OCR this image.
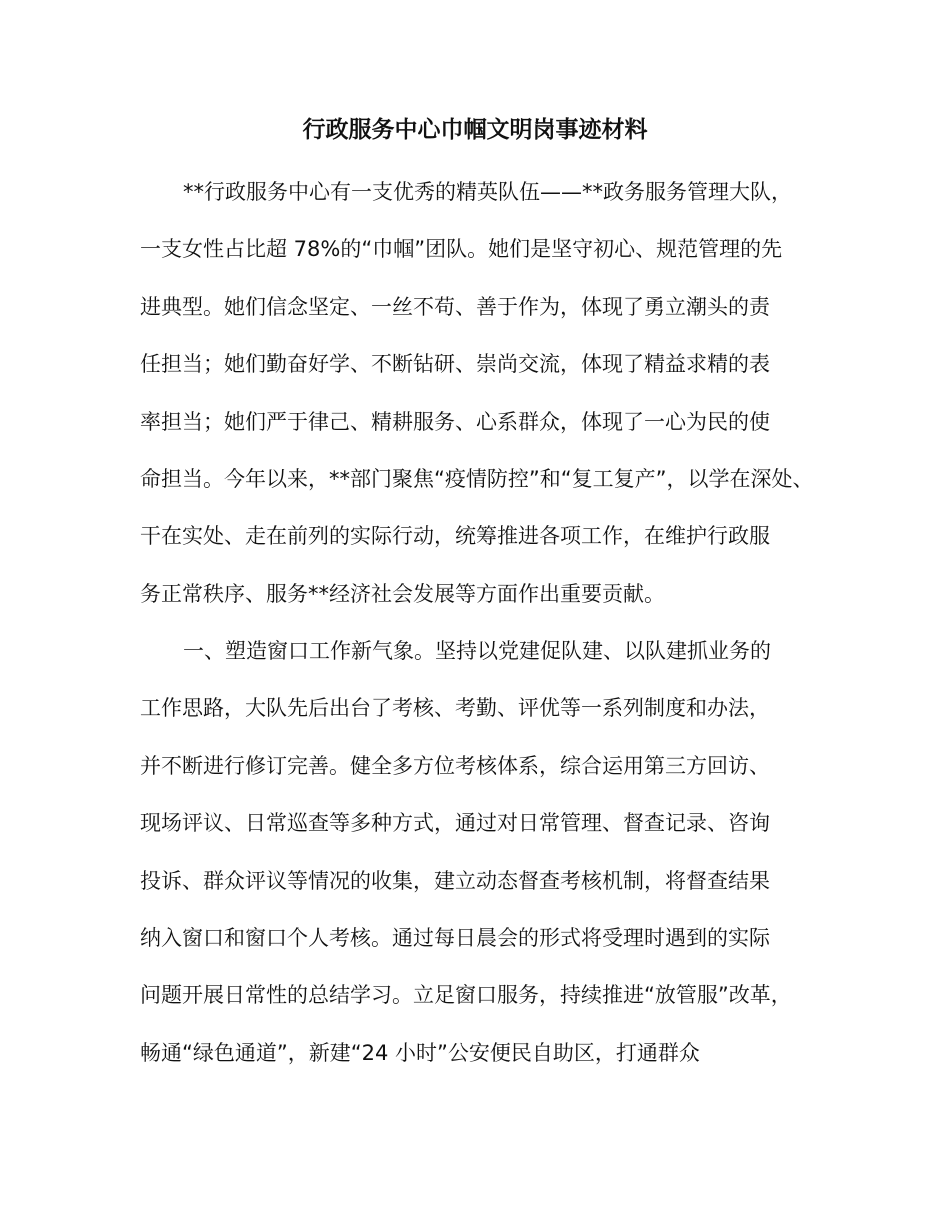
行政服务中心巾帼文明岗事迹材料
**行政服务中心有一支优秀的精英队伍——**政务服务管理大队，
一支女性占比超 78%的“巾帼”团队。她们是坚守初心、规范管理的先
进典型。她们信念坚定、一丝不苟、善于作为，体现了勇立潮头的责
任担当；她们勤奋好学、不断钻研、崇尚交流，体现了精益求精的表
率担当；她们严于律己、精耕服务、心系群众，体现了一心为民的使
命担当。今年以来，**部门聚焦“疫情防控”和“复工复产”，以学在深处、
干在实处、走在前列的实际行动，统筹推进各项工作，在维护行政服
务正常秩序、服务**经济社会发展等方面作出重要贡献。
一、塑造窗口工作新气象。坚持以党建促队建、以队建抓业务的
工作思路，大队先后出台了考核、考勤、评优等一系列制度和办法，
并不断进行修订完善。健全多方位考核体系，综合运用第三方回访、
现场评议、日常巡查等多种方式，通过对日常管理、督查记录、咨询
投诉、群众评议等情况的收集，建立动态督查考核机制，将督查结果
纳入窗口和窗口个人考核。通过每日晨会的形式将受理时遇到的实际
问题开展日常性的总结学习。立足窗口服务，持续推进“放管服”改革，
畅通“绿色通道”，新建“24 小时”公安便民自助区，打通群众
